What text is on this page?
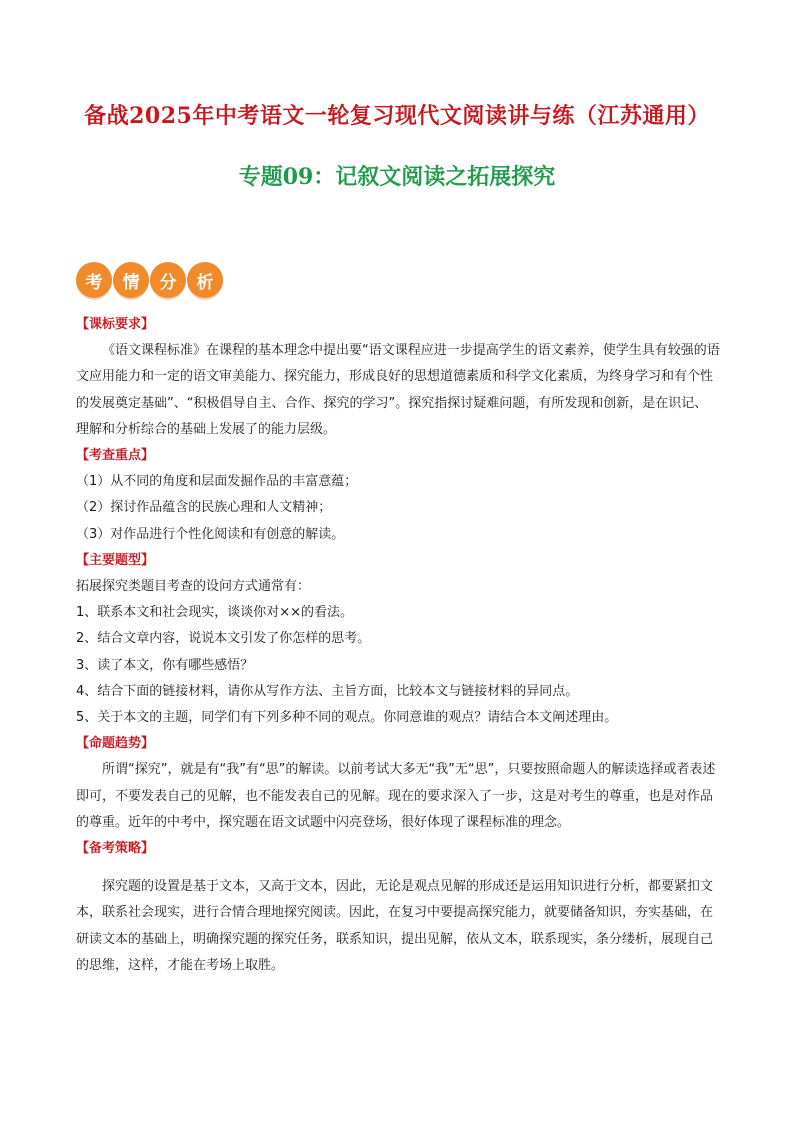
备战2025年中考语文一轮复习现代文阅读讲与练（江苏通用）
专题09：记叙文阅读之拓展探究
考	情	分	析

【课标要求】

《语文课程标准》在课程的基本理念中提出要“语文课程应进一步提高学生的语文素养，使学生具有较强的语文应用能力和一定的语文审美能力、探究能力，形成良好的思想道德素质和科学文化素质，为终身学习和有个性的发展奠定基础”、“积极倡导自主、合作、探究的学习”。探究指探讨疑难问题，有所发现和创新，是在识记、理解和分析综合的基础上发展了的能力层级。

【考查重点】

（1）从不同的角度和层面发掘作品的丰富意蕴；

（2）探讨作品蕴含的民族心理和人文精神；

（3）对作品进行个性化阅读和有创意的解读。

【主要题型】

拓展探究类题目考查的设问方式通常有：

1、联系本文和社会现实，谈谈你对××的看法。

2、结合文章内容，说说本文引发了你怎样的思考。

3、读了本文，你有哪些感悟？

4、结合下面的链接材料，请你从写作方法、主旨方面，比较本文与链接材料的异同点。

5、关于本文的主题，同学们有下列多种不同的观点。你同意谁的观点？请结合本文阐述理由。

【命题趋势】

所谓“探究”，就是有“我”有“思”的解读。以前考试大多无“我”无“思”，只要按照命题人的解读选择或者表述即可，不要发表自己的见解，也不能发表自己的见解。现在的要求深入了一步，这是对考生的尊重，也是对作品的尊重。近年的中考中，探究题在语文试题中闪亮登场，很好体现了课程标准的理念。

【备考策略】

探究题的设置是基于文本，又高于文本，因此，无论是观点见解的形成还是运用知识进行分析，都要紧扣文本，联系社会现实，进行合情合理地探究阅读。因此，在复习中要提高探究能力，就要储备知识，夯实基础，在研读文本的基础上，明确探究题的探究任务，联系知识，提出见解，依从文本，联系现实，条分缕析，展现自己的思维，这样，才能在考场上取胜。
